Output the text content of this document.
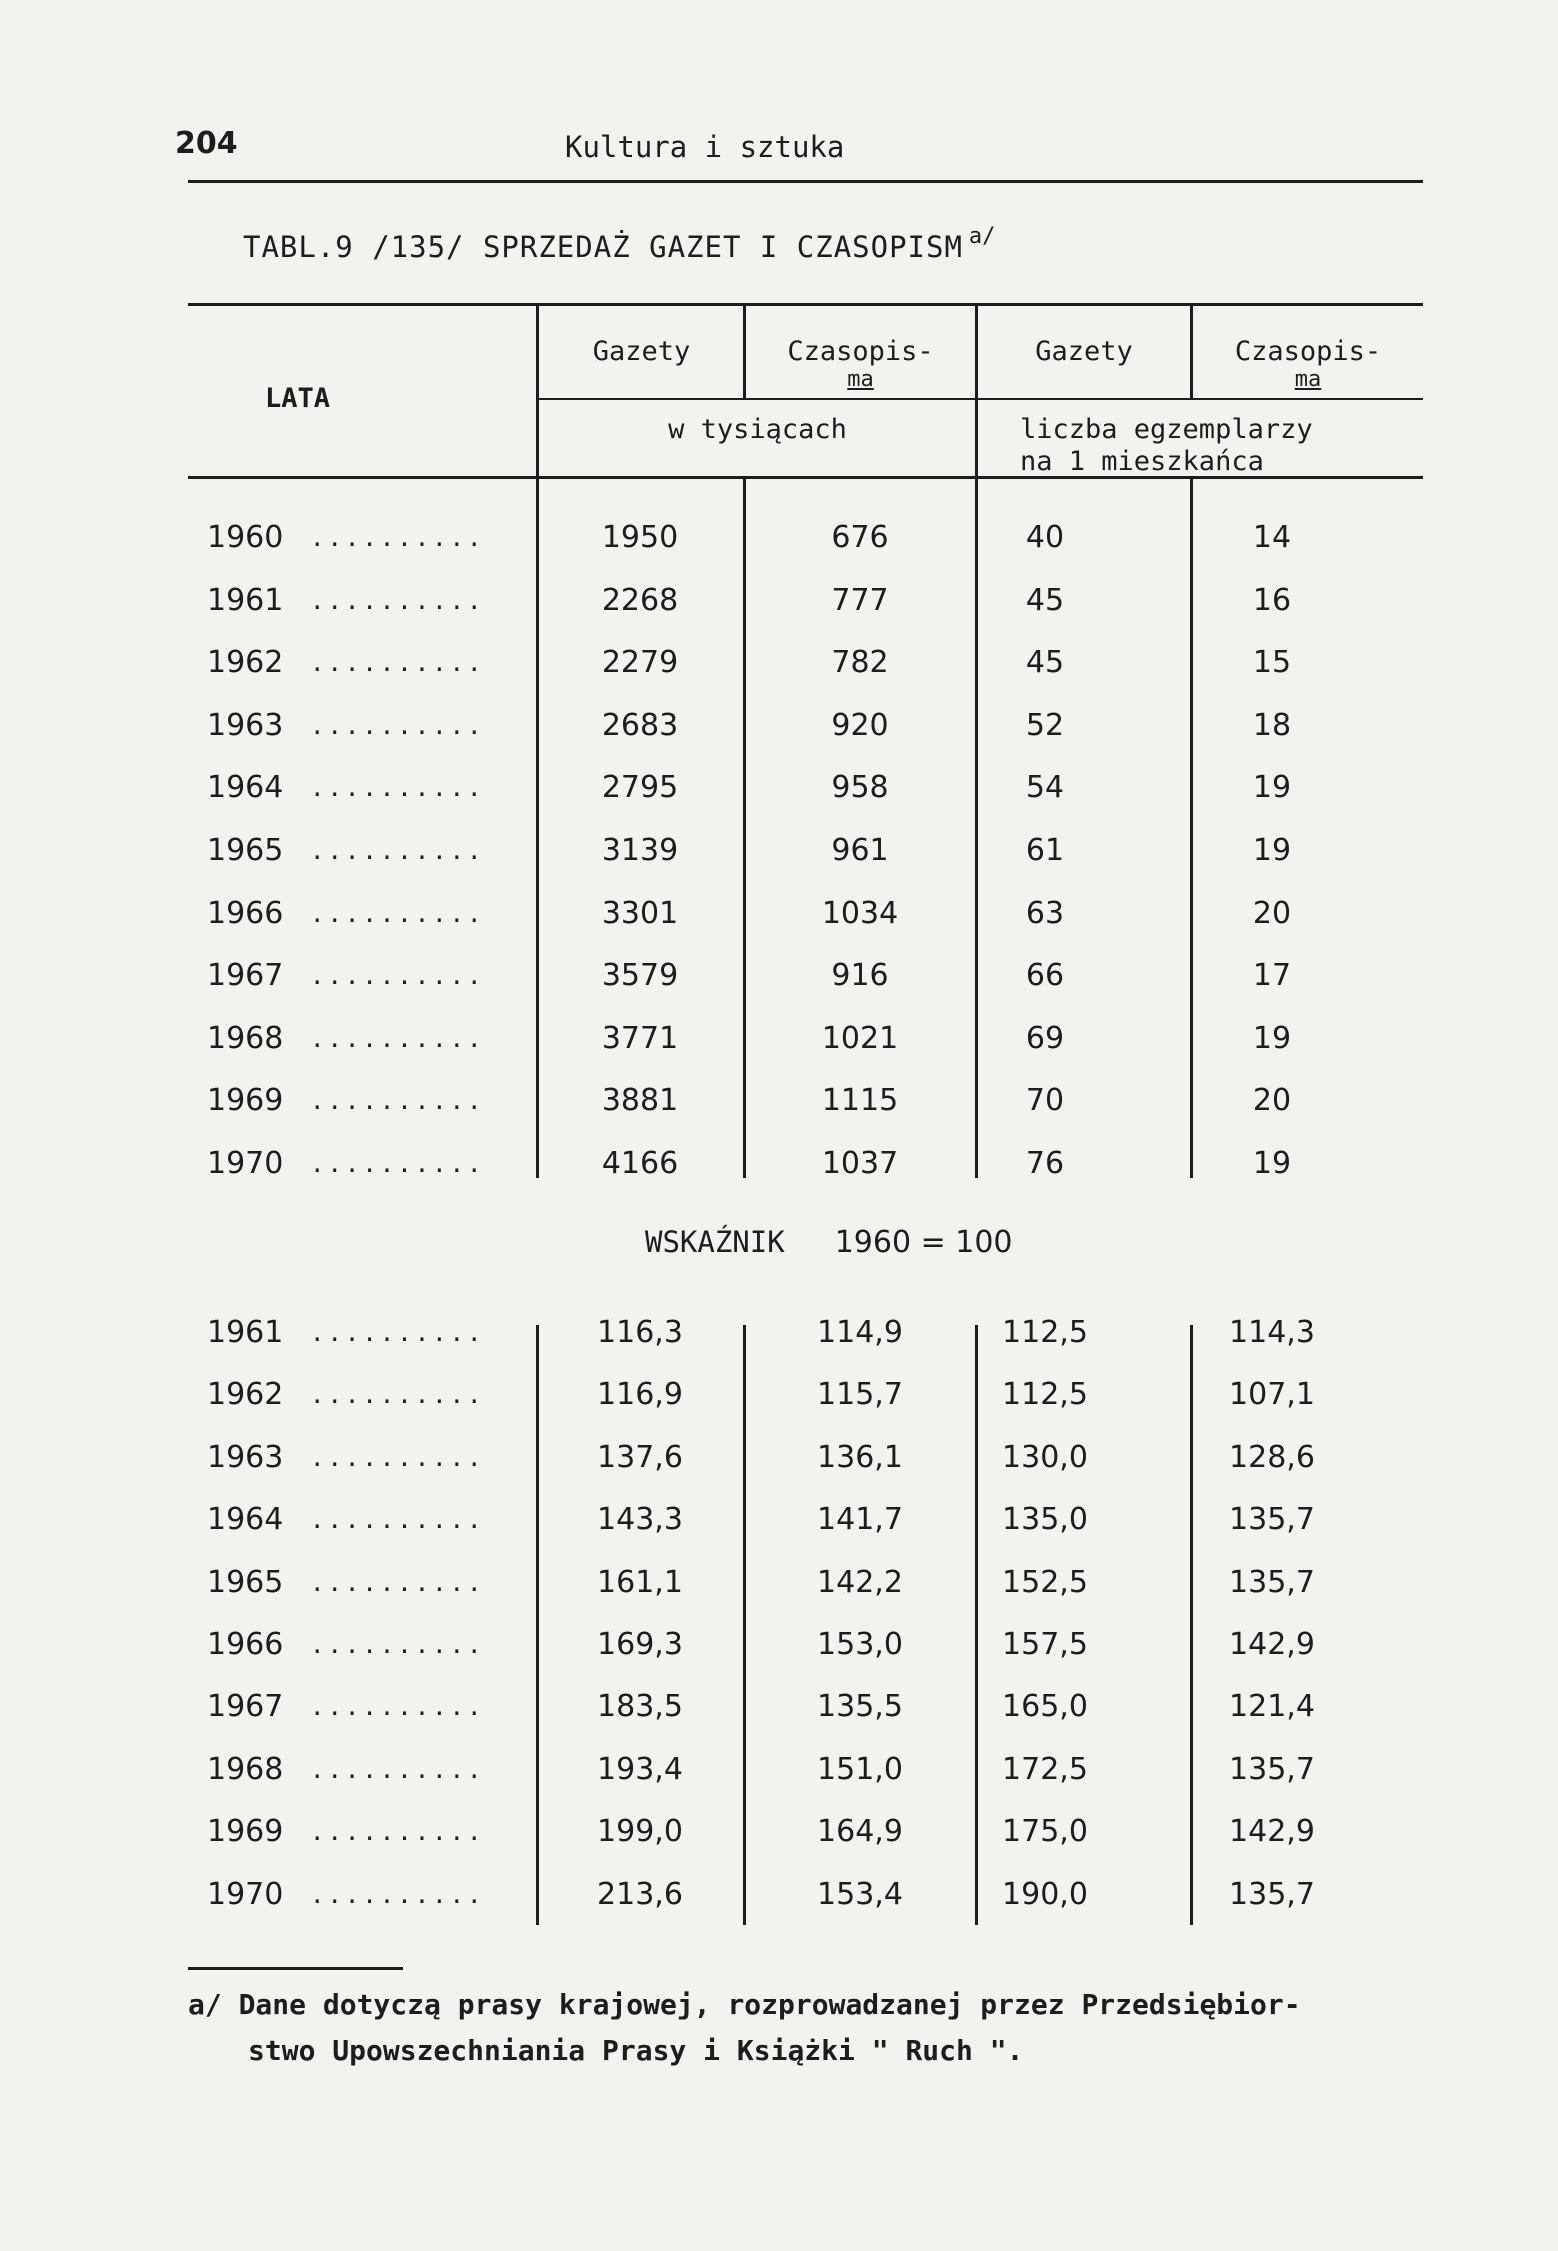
204	Kultura i sztuka
TABL.9 /135/ SPRZEDAŻ GAZET I CZASOPISM $^{a/}$
LATA
Gazety	Czasopis-
ma
Gazety	Czasopis-
ma
w tysiącach	liczba egzemplarzy
na 1 mieszkańca
1960 ..........	1950	676	40	14
1961 ..........	2268	777	45	16
1962 ..........	2279	782	45	15
1963 ..........	2683	920	52	18
1964 ..........	2795	958	54	19
1965 ..........	3139	961	61	19
1966 ..........	3301	1034	63	20
1967 ..........	3579	916	66	17
1968 ..........	3771	1021	69	19
1969 ..........	3881	1115	70	20
1970 ..........	4166	1037	76	19
WSKAŹNIK 1960 = 100
1961 ..........	116,3	114,9	112,5	114,3
1962 ..........	116,9	115,7	112,5	107,1
1963 ..........	137,6	136,1	130,0	128,6
1964 ..........	143,3	141,7	135,0	135,7
1965 ..........	161,1	142,2	152,5	135,7
1966 ..........	169,3	153,0	157,5	142,9
1967 ..........	183,5	135,5	165,0	121,4
1968 ..........	193,4	151,0	172,5	135,7
1969 ..........	199,0	164,9	175,0	142,9
1970 ..........	213,6	153,4	190,0	135,7
a/ Dane dotyczą prasy krajowej, rozprowadzanej przez Przedsiębior-
stwo Upowszechniania Prasy i Książki " Ruch ".
